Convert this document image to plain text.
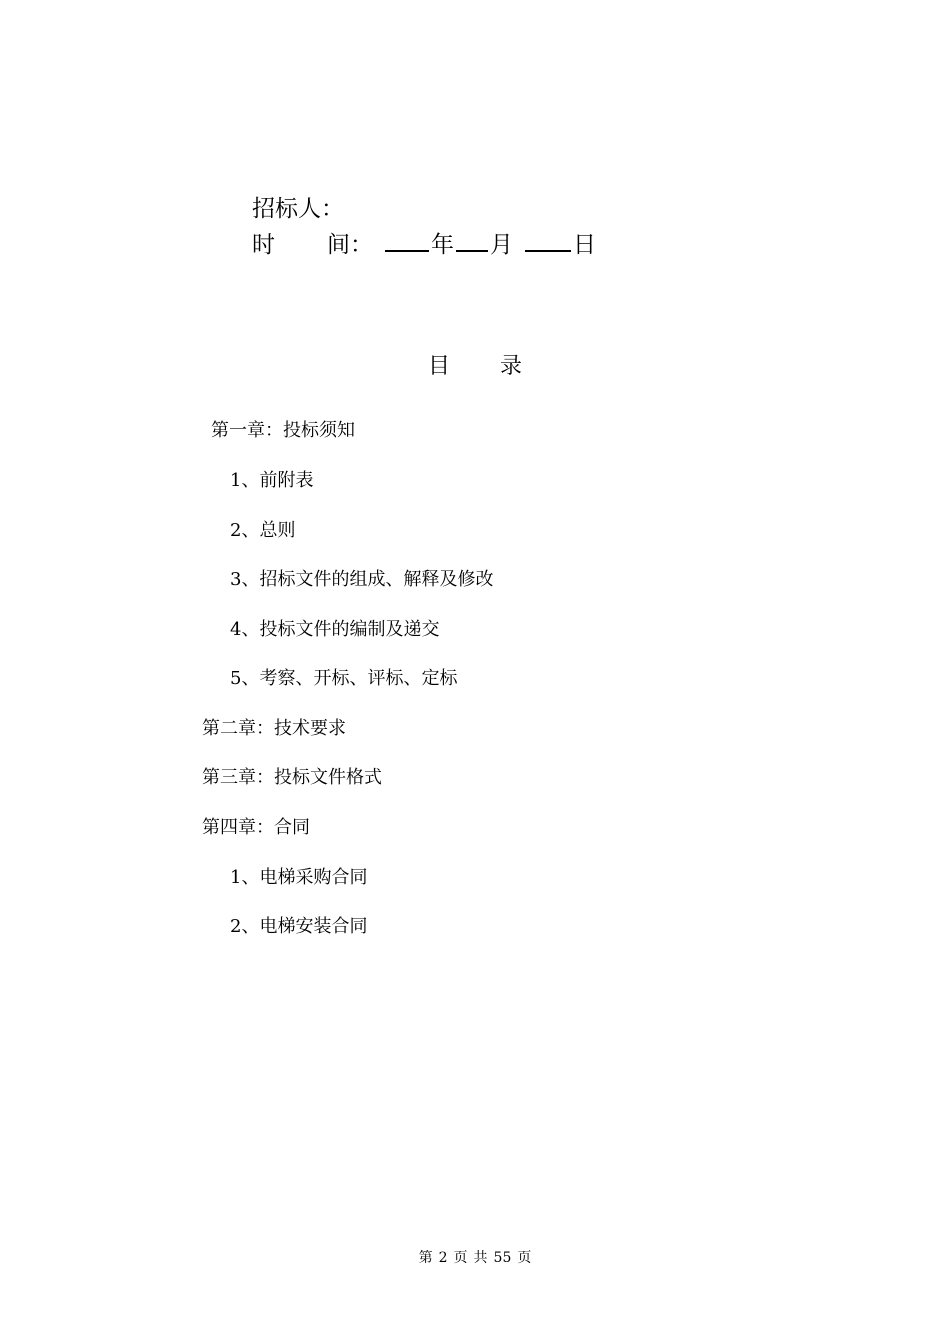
招标人：
时 间：	年 月	日
目 录
第一章：投标须知
1、前附表
2、总则
3、招标文件的组成、解释及修改
4、投标文件的编制及递交
5、考察、开标、评标、定标
第二章：技术要求
第三章：投标文件格式
第四章：合同
1、电梯采购合同
2、电梯安装合同
第 2 页 共 55 页
